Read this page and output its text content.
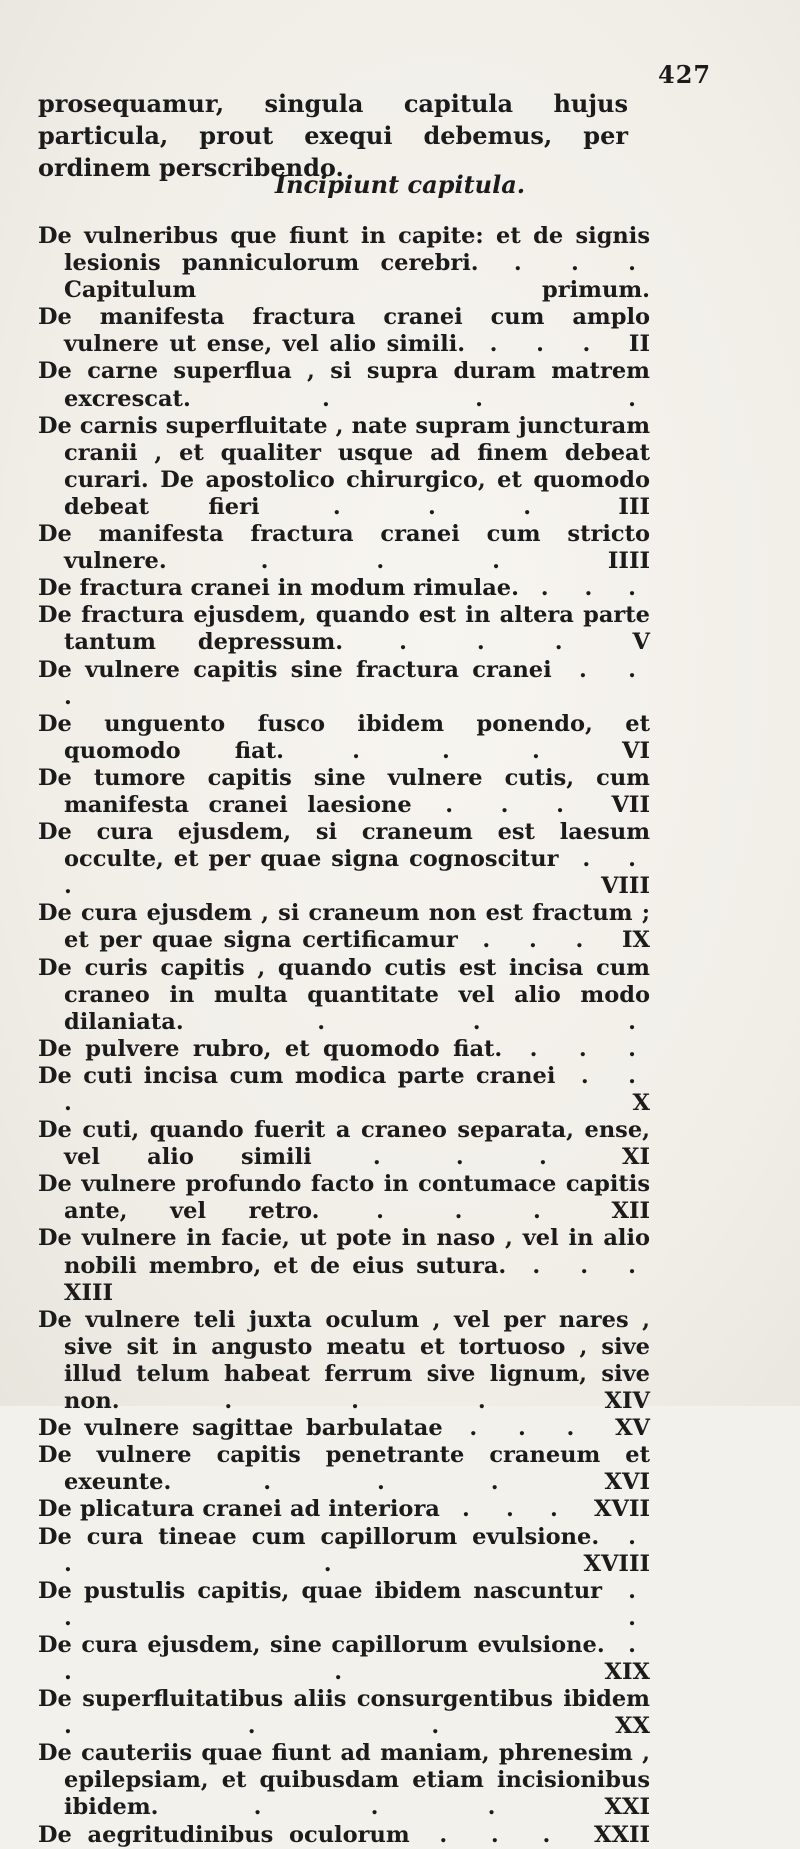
427

prosequamur, singula capitula hujus particula, prout exequi debemus, per ordinem perscribendo.

Incipiunt capitula.

De vulneribus que fiunt in capite: et de signis lesionis panniculorum cerebri. . . . Capitulum primum.

De manifesta fractura cranei cum amplo vulnere ut ense, vel alio simili. . . . II

De carne superflua , si supra duram matrem excrescat. . . .

De carnis superfluitate , nate supram juncturam cranii , et qualiter usque ad finem debeat curari. De apostolico chirurgico, et quomodo debeat fieri . . . III

De manifesta fractura cranei cum stricto vulnere. . . . IIII

De fractura cranei in modum rimulae. . . .

De fractura ejusdem, quando est in altera parte tantum depressum. . . . V

De vulnere capitis sine fractura cranei . . .

De unguento fusco ibidem ponendo, et quomodo fiat. . . . VI

De tumore capitis sine vulnere cutis, cum manifesta cranei laesione . . . VII

De cura ejusdem, si craneum est laesum occulte, et per quae signa cognoscitur . . . VIII

De cura ejusdem , si craneum non est fractum ; et per quae signa certificamur . . . IX

De curis capitis , quando cutis est incisa cum craneo in multa quantitate vel alio modo dilaniata. . . .

De pulvere rubro, et quomodo fiat. . . .

De cuti incisa cum modica parte cranei . . . X

De cuti, quando fuerit a craneo separata, ense, vel alio simili . . . XI

De vulnere profundo facto in contumace capitis ante, vel retro. . . . XII

De vulnere in facie, ut pote in naso , vel in alio nobili membro, et de eius sutura. . . . XIII

De vulnere teli juxta oculum , vel per nares , sive sit in angusto meatu et tortuoso , sive illud telum habeat ferrum sive lignum, sive non. . . . XIV

De vulnere sagittae barbulatae . . . XV

De vulnere capitis penetrante craneum et exeunte. . . . XVI

De plicatura cranei ad interiora . . . XVII

De cura tineae cum capillorum evulsione. . . . XVIII

De pustulis capitis, quae ibidem nascuntur . . .

De cura ejusdem, sine capillorum evulsione. . . . XIX

De superfluitatibus aliis consurgentibus ibidem . . . XX

De cauteriis quae fiunt ad maniam, phrenesim , epilepsiam, et quibusdam etiam incisionibus ibidem. . . . XXI

De aegritudinibus oculorum . . . XXII
